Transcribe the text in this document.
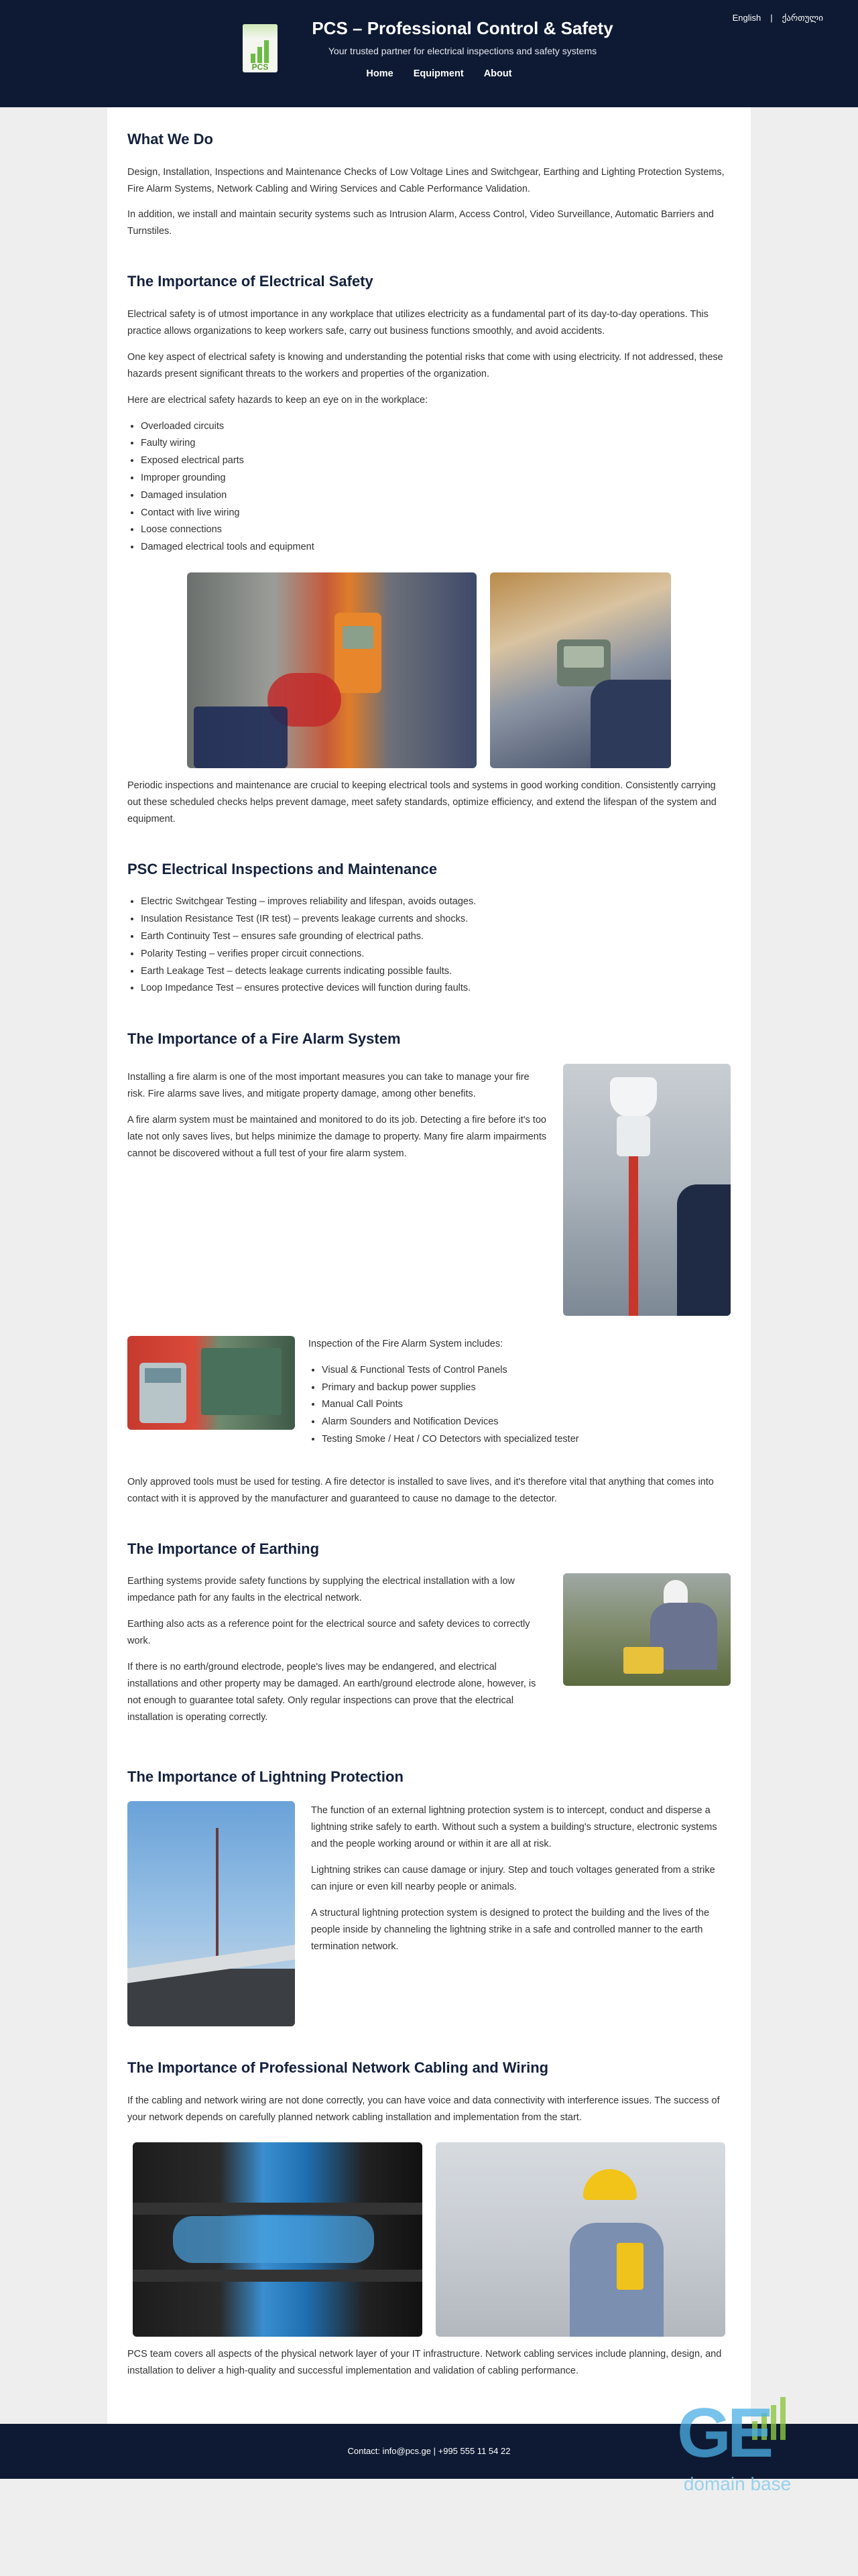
English | ქართული
PCS
PCS – Professional Control & Safety
Your trusted partner for electrical inspections and safety systems
Home Equipment About
What We Do

Design, Installation, Inspections and Maintenance Checks of Low Voltage Lines and Switchgear, Earthing and Lighting Protection Systems, Fire Alarm Systems, Network Cabling and Wiring Services and Cable Performance Validation.

In addition, we install and maintain security systems such as Intrusion Alarm, Access Control, Video Surveillance, Automatic Barriers and Turnstiles.

The Importance of Electrical Safety

Electrical safety is of utmost importance in any workplace that utilizes electricity as a fundamental part of its day-to-day operations. This practice allows organizations to keep workers safe, carry out business functions smoothly, and avoid accidents.

One key aspect of electrical safety is knowing and understanding the potential risks that come with using electricity. If not addressed, these hazards present significant threats to the workers and properties of the organization.

Here are electrical safety hazards to keep an eye on in the workplace:

• Overloaded circuits
• Faulty wiring
• Exposed electrical parts
• Improper grounding
• Damaged insulation
• Contact with live wiring
• Loose connections
• Damaged electrical tools and equipment

Periodic inspections and maintenance are crucial to keeping electrical tools and systems in good working condition. Consistently carrying out these scheduled checks helps prevent damage, meet safety standards, optimize efficiency, and extend the lifespan of the system and equipment.

PSC Electrical Inspections and Maintenance
• Electric Switchgear Testing – improves reliability and lifespan, avoids outages.
• Insulation Resistance Test (IR test) – prevents leakage currents and shocks.
• Earth Continuity Test – ensures safe grounding of electrical paths.
• Polarity Testing – verifies proper circuit connections.
• Earth Leakage Test – detects leakage currents indicating possible faults.
• Loop Impedance Test – ensures protective devices will function during faults.
The Importance of a Fire Alarm System

Installing a fire alarm is one of the most important measures you can take to manage your fire risk. Fire alarms save lives, and mitigate property damage, among other benefits.

A fire alarm system must be maintained and monitored to do its job. Detecting a fire before it's too late not only saves lives, but helps minimize the damage to property. Many fire alarm impairments cannot be discovered without a full test of your fire alarm system.

Inspection of the Fire Alarm System includes:

• Visual & Functional Tests of Control Panels
• Primary and backup power supplies
• Manual Call Points
• Alarm Sounders and Notification Devices
• Testing Smoke / Heat / CO Detectors with specialized tester

Only approved tools must be used for testing. A fire detector is installed to save lives, and it's therefore vital that anything that comes into contact with it is approved by the manufacturer and guaranteed to cause no damage to the detector.

The Importance of Earthing

Earthing systems provide safety functions by supplying the electrical installation with a low impedance path for any faults in the electrical network.

Earthing also acts as a reference point for the electrical source and safety devices to correctly work.

If there is no earth/ground electrode, people's lives may be endangered, and electrical installations and other property may be damaged. An earth/ground electrode alone, however, is not enough to guarantee total safety. Only regular inspections can prove that the electrical installation is operating correctly.

The Importance of Lightning Protection

The function of an external lightning protection system is to intercept, conduct and disperse a lightning strike safely to earth. Without such a system a building's structure, electronic systems and the people working around or within it are all at risk.

Lightning strikes can cause damage or injury. Step and touch voltages generated from a strike can injure or even kill nearby people or animals.

A structural lightning protection system is designed to protect the building and the lives of the people inside by channeling the lightning strike in a safe and controlled manner to the earth termination network.

The Importance of Professional Network Cabling and Wiring

If the cabling and network wiring are not done correctly, you can have voice and data connectivity with interference issues. The success of your network depends on carefully planned network cabling installation and implementation from the start.

PCS team covers all aspects of the physical network layer of your IT infrastructure. Network cabling services include planning, design, and installation to deliver a high-quality and successful implementation and validation of cabling performance.

Contact: info@pcs.ge | +995 555 11 54 22	GE
domain base
